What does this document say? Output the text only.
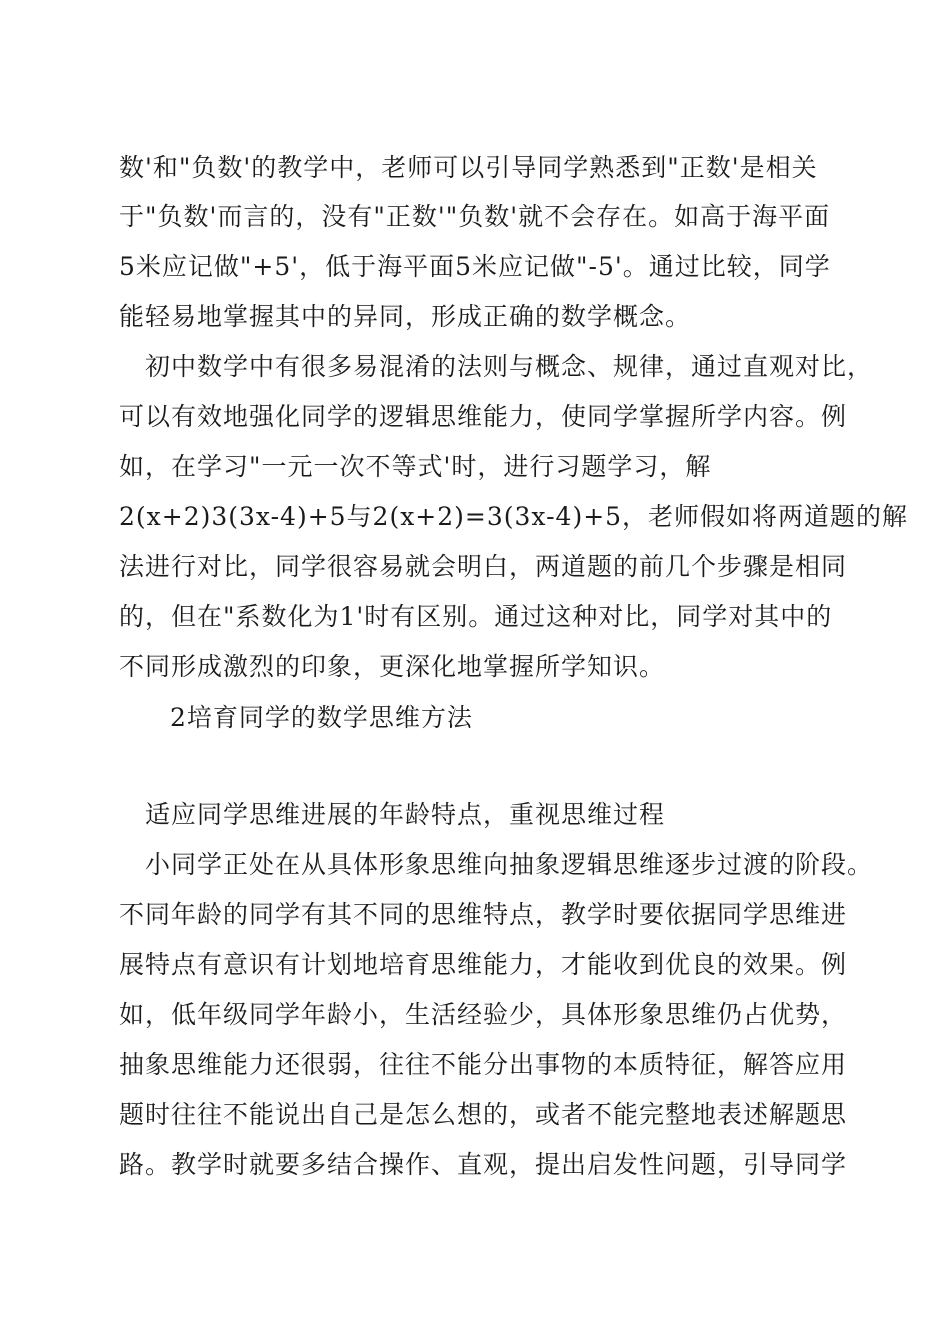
数'和"负数'的教学中，老师可以引导同学熟悉到"正数'是相关
于"负数'而言的，没有"正数'"负数'就不会存在。如高于海平面
5米应记做"+5'，低于海平面5米应记做"-5'。通过比较，同学
能轻易地掌握其中的异同，形成正确的数学概念。
初中数学中有很多易混淆的法则与概念、规律，通过直观对比，
可以有效地强化同学的逻辑思维能力，使同学掌握所学内容。例
如，在学习"一元一次不等式'时，进行习题学习，解
2(x+2)3(3x-4)+5与2(x+2)=3(3x-4)+5，老师假如将两道题的解
法进行对比，同学很容易就会明白，两道题的前几个步骤是相同
的，但在"系数化为1'时有区别。通过这种对比，同学对其中的
不同形成激烈的印象，更深化地掌握所学知识。
2培育同学的数学思维方法
适应同学思维进展的年龄特点，重视思维过程
小同学正处在从具体形象思维向抽象逻辑思维逐步过渡的阶段。
不同年龄的同学有其不同的思维特点，教学时要依据同学思维进
展特点有意识有计划地培育思维能力，才能收到优良的效果。例
如，低年级同学年龄小，生活经验少，具体形象思维仍占优势，
抽象思维能力还很弱，往往不能分出事物的本质特征，解答应用
题时往往不能说出自己是怎么想的，或者不能完整地表述解题思
路。教学时就要多结合操作、直观，提出启发性问题，引导同学
